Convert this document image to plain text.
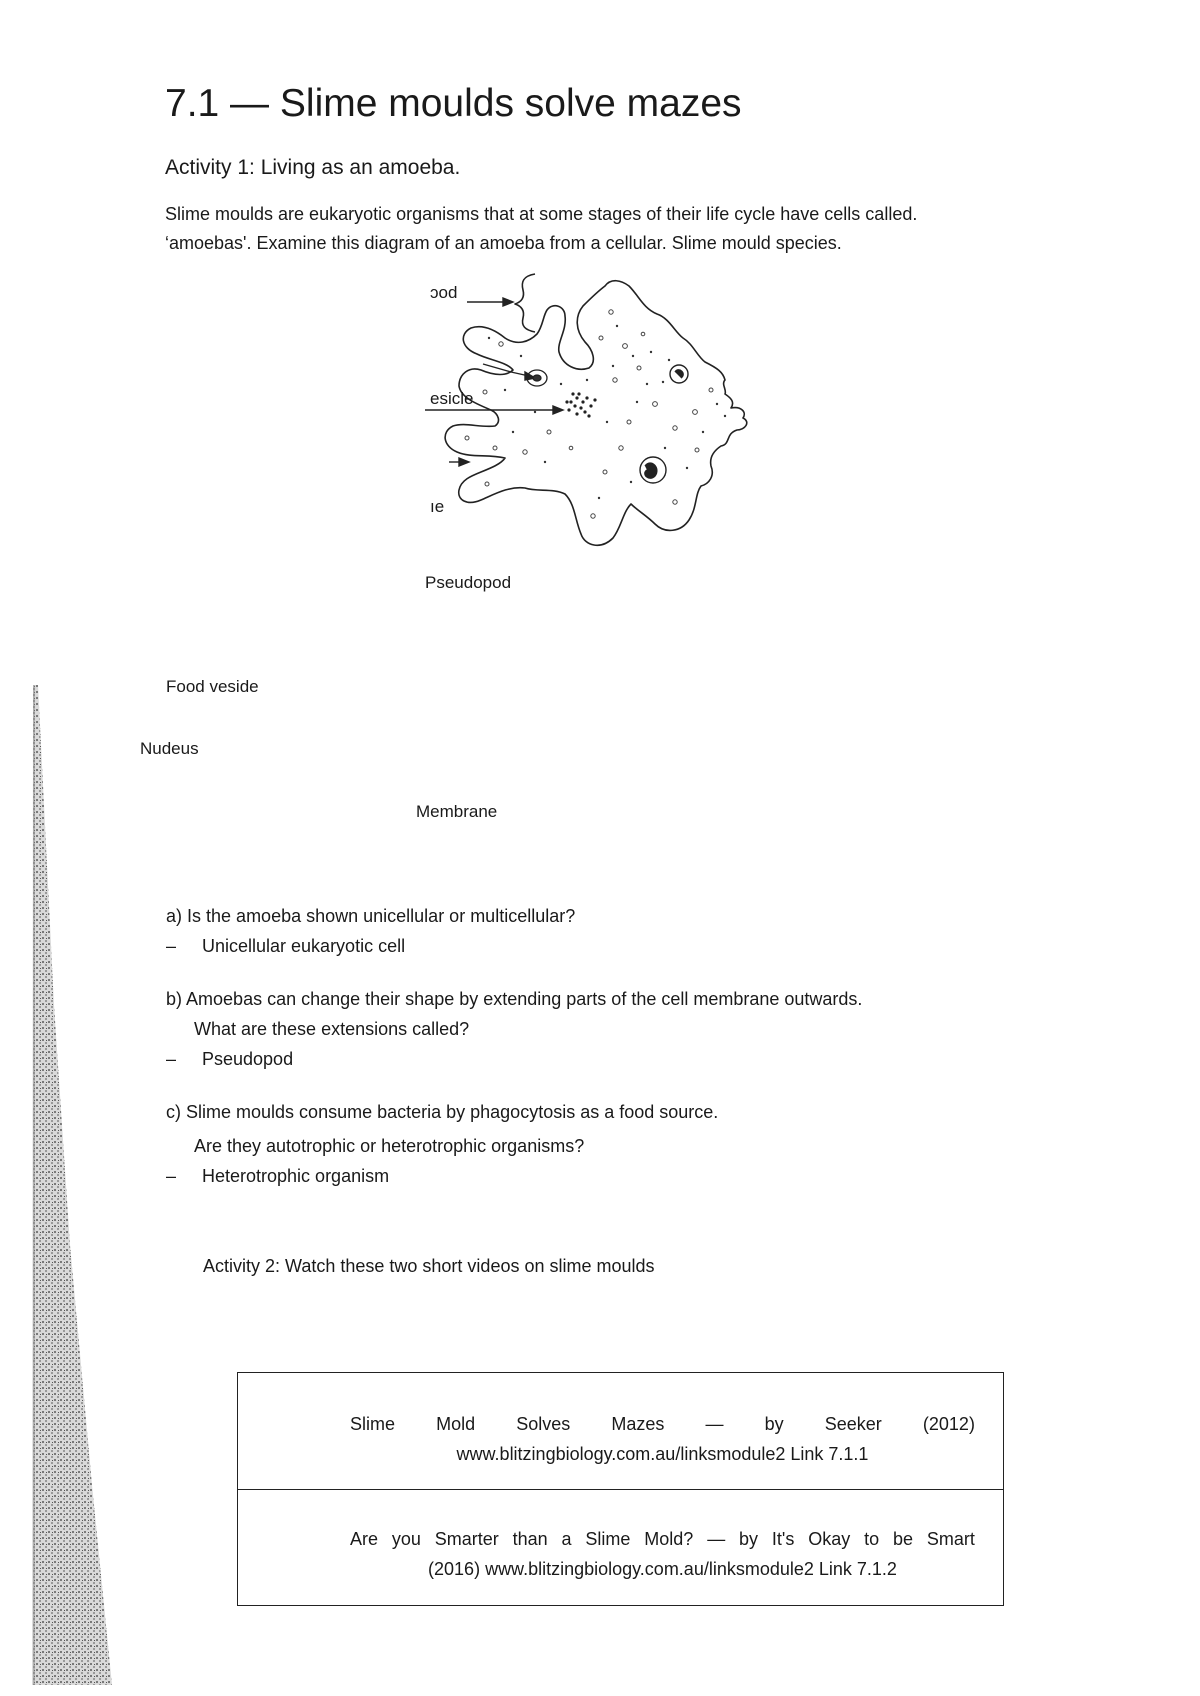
7.1 — Slime moulds solve mazes
Activity 1: Living as an amoeba.
Slime moulds are eukaryotic organisms that at some stages of their life cycle have cells called.
‘amoebas'. Examine this diagram of an amoeba from a cellular. Slime mould species.
ɔod
esicle
ıe
Pseudopod
Food veside
Nudeus
Membrane
a) Is the amoeba shown unicellular or multicellular?
– Unicellular eukaryotic cell
b) Amoebas can change their shape by extending parts of the cell membrane outwards.
What are these extensions called?
– Pseudopod
c) Slime moulds consume bacteria by phagocytosis as a food source.
Are they autotrophic or heterotrophic organisms?
– Heterotrophic organism
Activity 2: Watch these two short videos on slime moulds
Slime Mold Solves Mazes — by Seeker (2012)
www.blitzingbiology.com.au/linksmodule2 Link 7.1.1
Are you Smarter than a Slime Mold? — by It's Okay to be Smart
(2016) www.blitzingbiology.com.au/linksmodule2 Link 7.1.2
